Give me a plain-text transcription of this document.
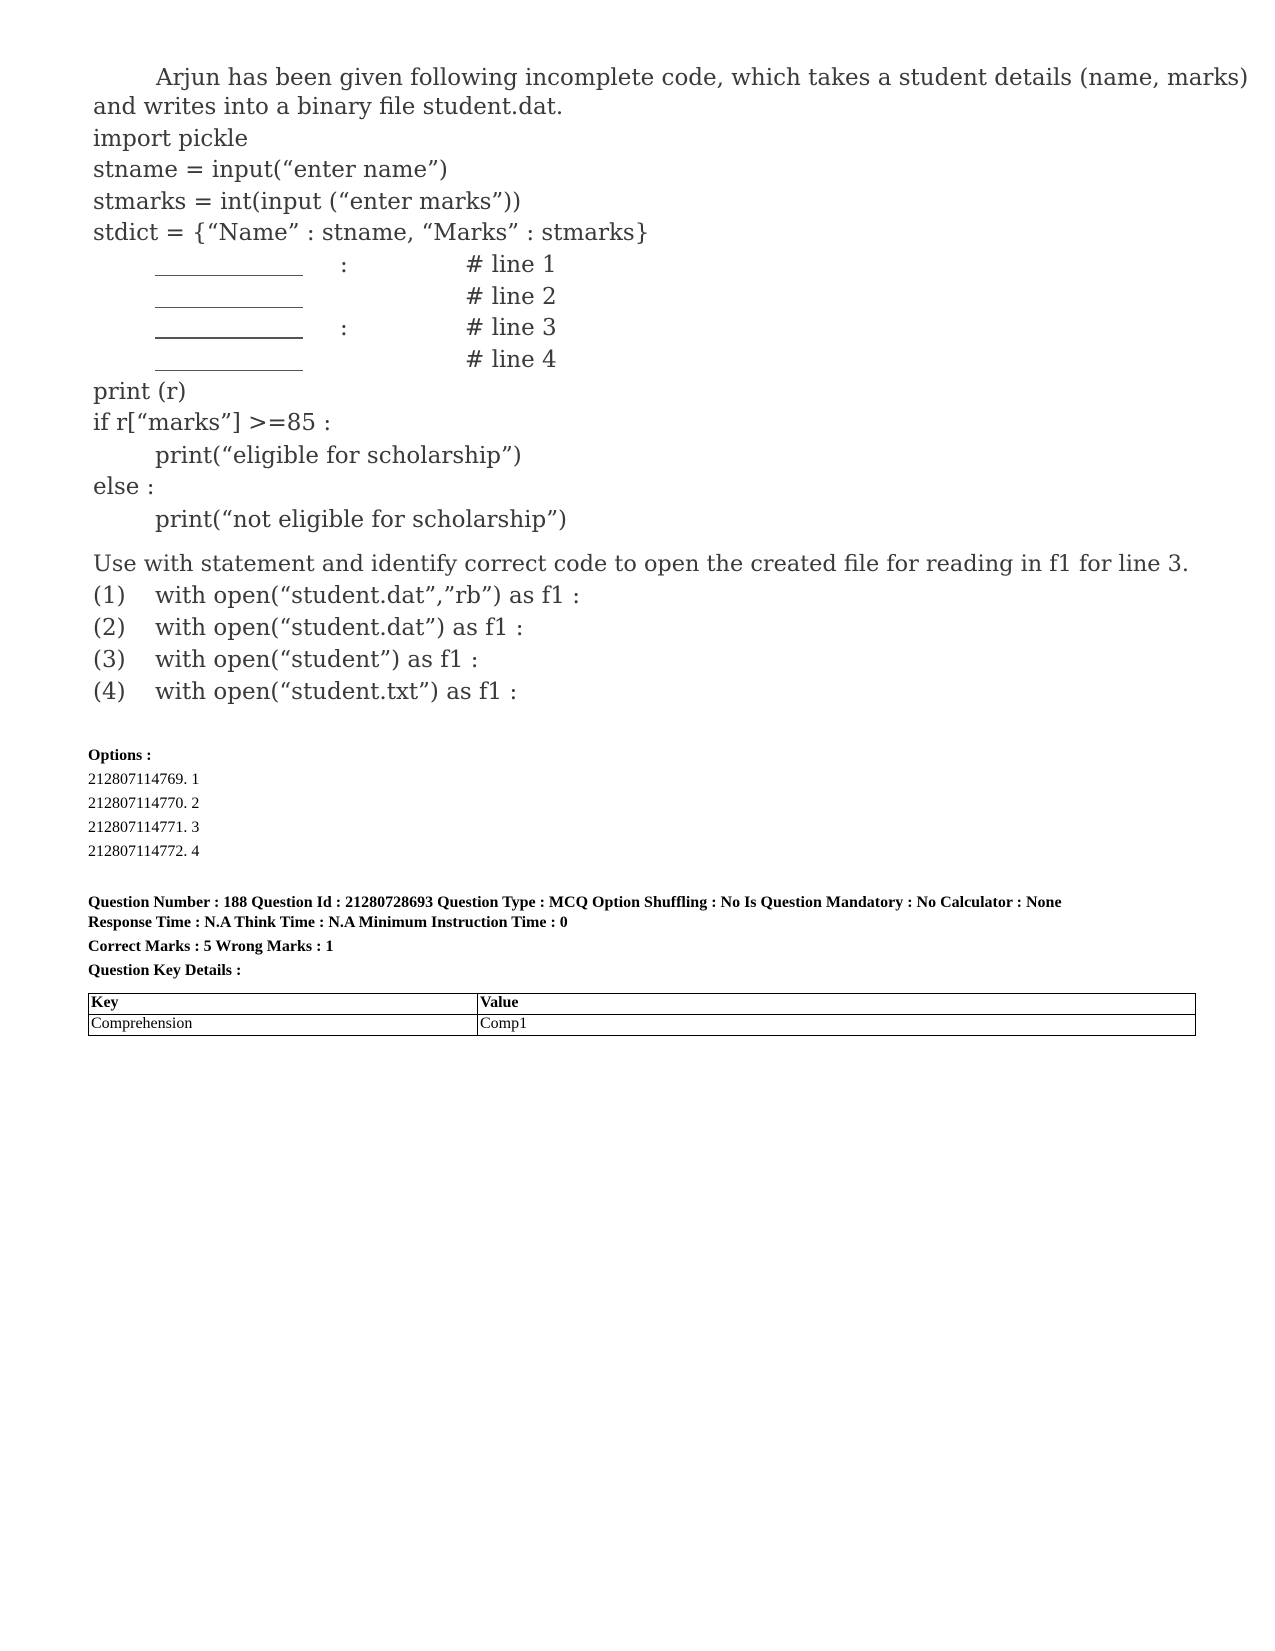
Arjun has been given following incomplete code, which takes a student details (name, marks)
and writes into a binary file student.dat.
import pickle
stname = input(“enter name”)
stmarks = int(input (“enter marks”))
stdict = {“Name” : stname, “Marks” : stmarks}
:	# line 1
# line 2
:	# line 3
# line 4
print (r)
if r[“marks”] >=85 :
print(“eligible for scholarship”)
else :
print(“not eligible for scholarship”)
Use with statement and identify correct code to open the created file for reading in f1 for line 3.
(1) with open(“student.dat”,”rb”) as f1 :
(2) with open(“student.dat”) as f1 :
(3) with open(“student”) as f1 :
(4) with open(“student.txt”) as f1 :
Options :
212807114769. 1
212807114770. 2
212807114771. 3
212807114772. 4
Question Number : 188 Question Id : 21280728693 Question Type : MCQ Option Shuffling : No Is Question Mandatory : No Calculator : None
Response Time : N.A Think Time : N.A Minimum Instruction Time : 0
Correct Marks : 5 Wrong Marks : 1
Question Key Details :
Key	Value
Comprehension	Comp1
